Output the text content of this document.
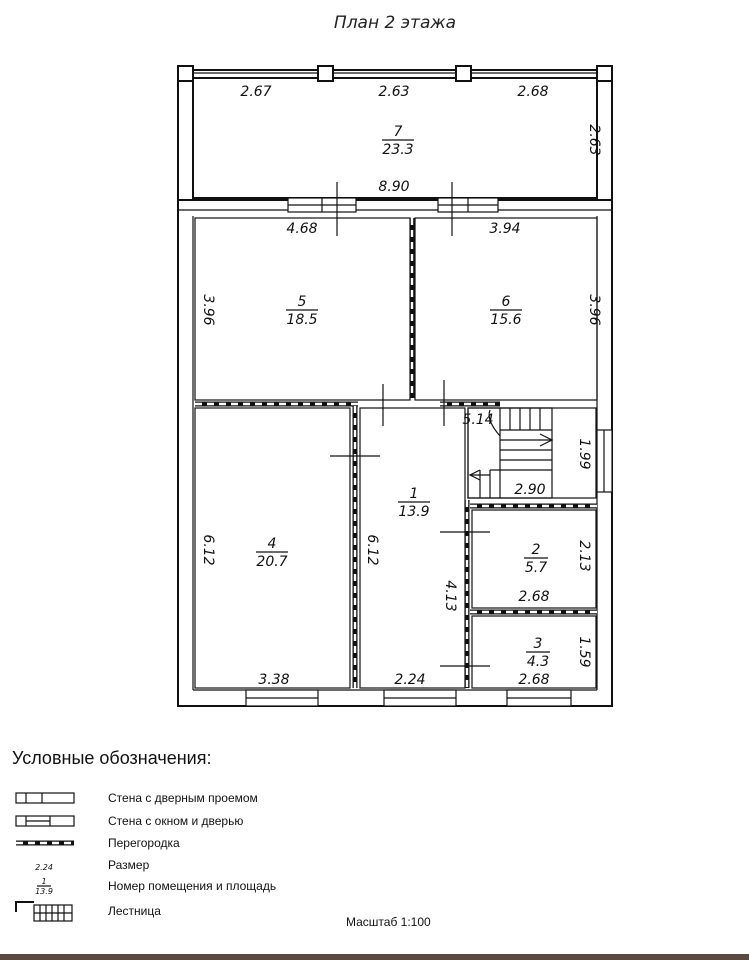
План 2 этажа
2.67	2.63	2.68
2.63
8.90
4.68	3.94
3.96	3.96
5.14
1.99
2.90
6.12	6.12	2.13
2.68
4.13
1.59
3.38	2.24	2.68
7
23.3
5
18.5
6
15.6
1
13.9
4
20.7
2
5.7
3
4.3
2.24
1
13.9
Условные обозначения:
Стена с дверным проемом
Стена с окном и дверью
Перегородка
Размер
Номер помещения и площадь
Лестница
Масштаб 1:100
